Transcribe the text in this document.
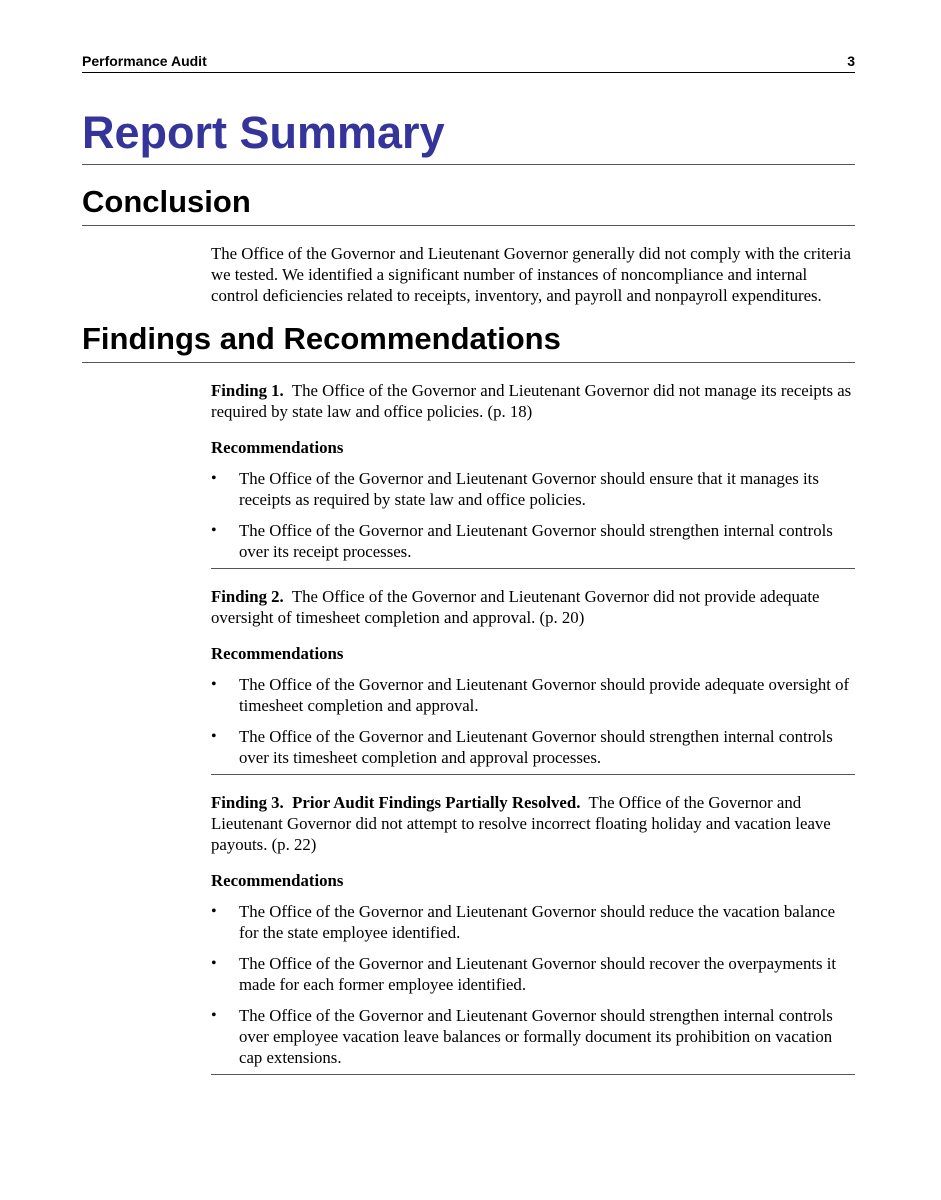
Performance Audit	3
Report Summary
Conclusion

The Office of the Governor and Lieutenant Governor generally did not comply with the criteria we tested. We identified a significant number of instances of noncompliance and internal control deficiencies related to receipts, inventory, and payroll and nonpayroll expenditures.

Findings and Recommendations

Finding 1. The Office of the Governor and Lieutenant Governor did not manage its receipts as required by state law and office policies. (p. 18)

Recommendations

• The Office of the Governor and Lieutenant Governor should ensure that it manages its receipts as required by state law and office policies.
• The Office of the Governor and Lieutenant Governor should strengthen internal controls over its receipt processes.

Finding 2. The Office of the Governor and Lieutenant Governor did not provide adequate oversight of timesheet completion and approval. (p. 20)

Recommendations

• The Office of the Governor and Lieutenant Governor should provide adequate oversight of timesheet completion and approval.
• The Office of the Governor and Lieutenant Governor should strengthen internal controls over its timesheet completion and approval processes.

Finding 3. Prior Audit Findings Partially Resolved. The Office of the Governor and Lieutenant Governor did not attempt to resolve incorrect floating holiday and vacation leave payouts. (p. 22)

Recommendations

• The Office of the Governor and Lieutenant Governor should reduce the vacation balance for the state employee identified.
• The Office of the Governor and Lieutenant Governor should recover the overpayments it made for each former employee identified.
• The Office of the Governor and Lieutenant Governor should strengthen internal controls over employee vacation leave balances or formally document its prohibition on vacation cap extensions.
